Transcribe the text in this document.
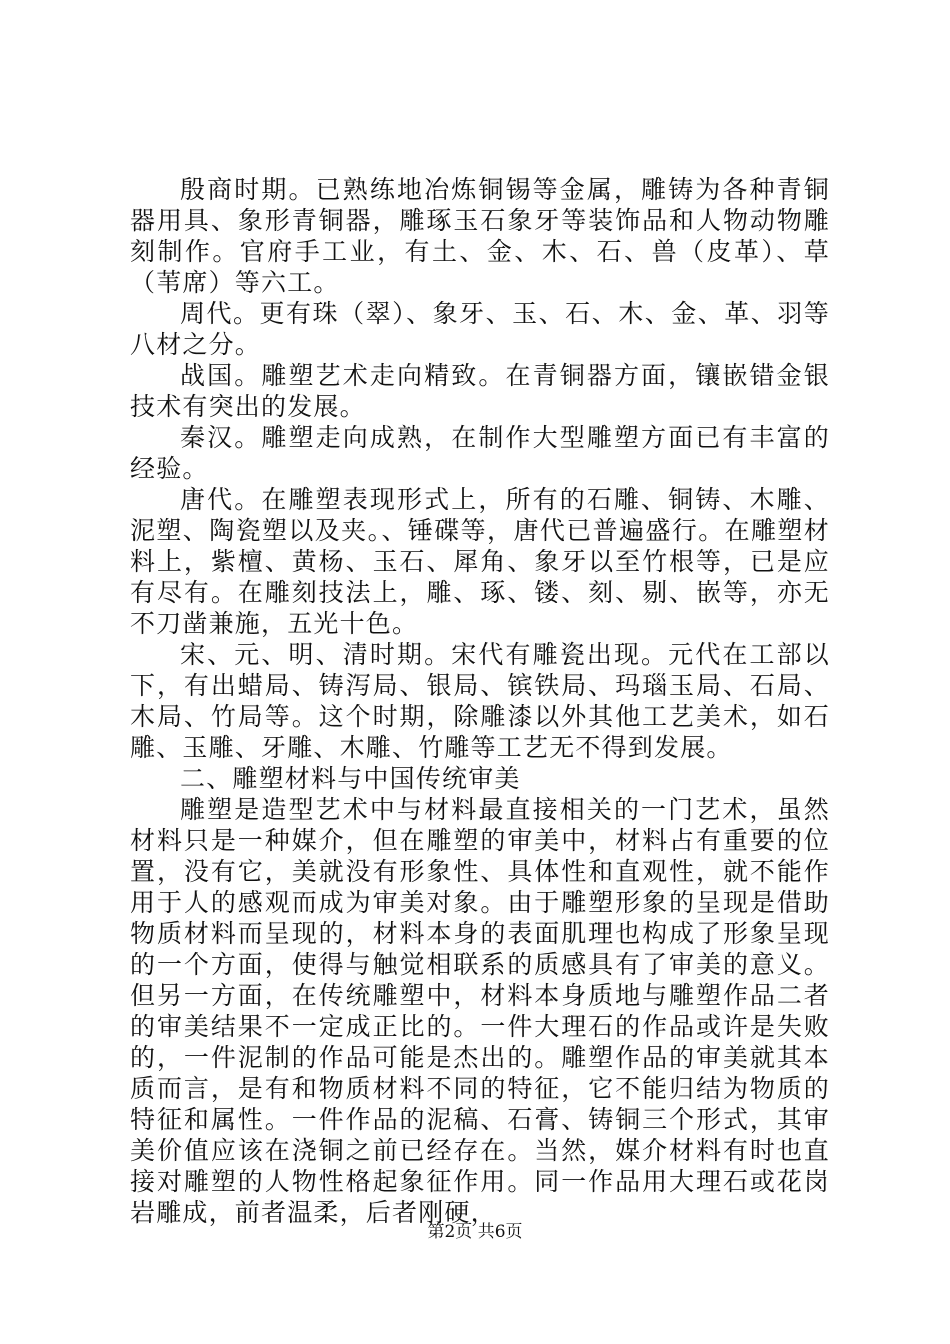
殷商时期。已熟练地冶炼铜锡等金属，雕铸为各种青铜器用具、象形青铜器，雕琢玉石象牙等装饰品和人物动物雕刻制作。官府手工业，有土、金、木、石、兽（皮革）、草（苇席）等六工。

周代。更有珠（翠）、象牙、玉、石、木、金、革、羽等八材之分。

战国。雕塑艺术走向精致。在青铜器方面，镶嵌错金银技术有突出的发展。

秦汉。雕塑走向成熟，在制作大型雕塑方面已有丰富的经验。

唐代。在雕塑表现形式上，所有的石雕、铜铸、木雕、泥塑、陶瓷塑以及夹。、锤碟等，唐代已普遍盛行。在雕塑材料上，紫檀、黄杨、玉石、犀角、象牙以至竹根等，已是应有尽有。在雕刻技法上，雕、琢、镂、刻、剔、嵌等，亦无不刀凿兼施，五光十色。

宋、元、明、清时期。宋代有雕瓷出现。元代在工部以下，有出蜡局、铸泻局、银局、镔铁局、玛瑙玉局、石局、木局、竹局等。这个时期，除雕漆以外其他工艺美术，如石雕、玉雕、牙雕、木雕、竹雕等工艺无不得到发展。

二、雕塑材料与中国传统审美

雕塑是造型艺术中与材料最直接相关的一门艺术，虽然材料只是一种媒介，但在雕塑的审美中，材料占有重要的位置，没有它，美就没有形象性、具体性和直观性，就不能作用于人的感观而成为审美对象。由于雕塑形象的呈现是借助物质材料而呈现的，材料本身的表面肌理也构成了形象呈现的一个方面，使得与触觉相联系的质感具有了审美的意义。但另一方面，在传统雕塑中，材料本身质地与雕塑作品二者的审美结果不一定成正比的。一件大理石的作品或许是失败的，一件泥制的作品可能是杰出的。雕塑作品的审美就其本质而言，是有和物质材料不同的特征，它不能归结为物质的特征和属性。一件作品的泥稿、石膏、铸铜三个形式，其审美价值应该在浇铜之前已经存在。当然，媒介材料有时也直接对雕塑的人物性格起象征作用。同一作品用大理石或花岗岩雕成，前者温柔，后者刚硬，

第2页 共6页
